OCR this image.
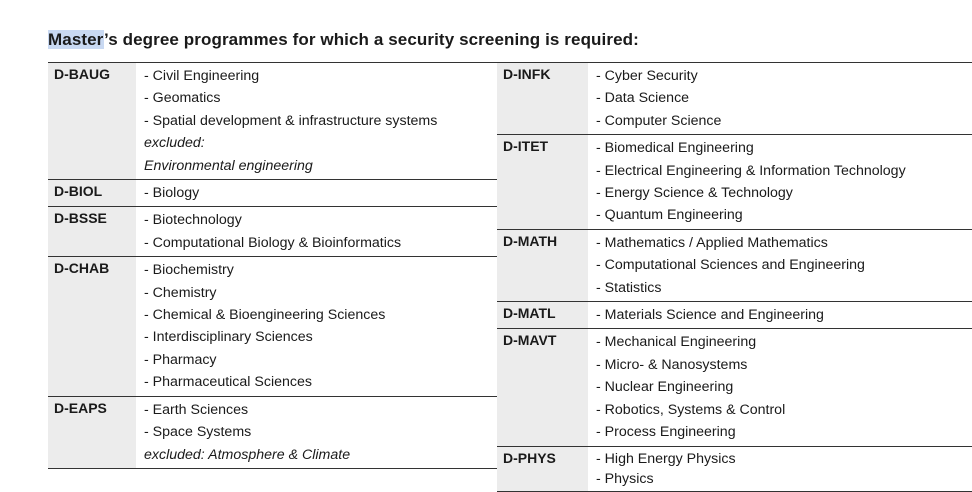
Master’s degree programmes for which a security screening is required:
D-BAUG	- Civil Engineering
- Geomatics
- Spatial development & infrastructure systems
excluded:
Environmental engineering
D-BIOL	- Biology
D-BSSE	- Biotechnology
- Computational Biology & Bioinformatics
D-CHAB	- Biochemistry
- Chemistry
- Chemical & Bioengineering Sciences
- Interdisciplinary Sciences
- Pharmacy
- Pharmaceutical Sciences
D-EAPS	- Earth Sciences
- Space Systems
excluded: Atmosphere & Climate
D-INFK	- Cyber Security
- Data Science
- Computer Science
D-ITET	- Biomedical Engineering
- Electrical Engineering & Information Technology
- Energy Science & Technology
- Quantum Engineering
D-MATH	- Mathematics / Applied Mathematics
- Computational Sciences and Engineering
- Statistics
D-MATL	- Materials Science and Engineering
D-MAVT	- Mechanical Engineering
- Micro- & Nanosystems
- Nuclear Engineering
- Robotics, Systems & Control
- Process Engineering
D-PHYS	- High Energy Physics
- Physics
